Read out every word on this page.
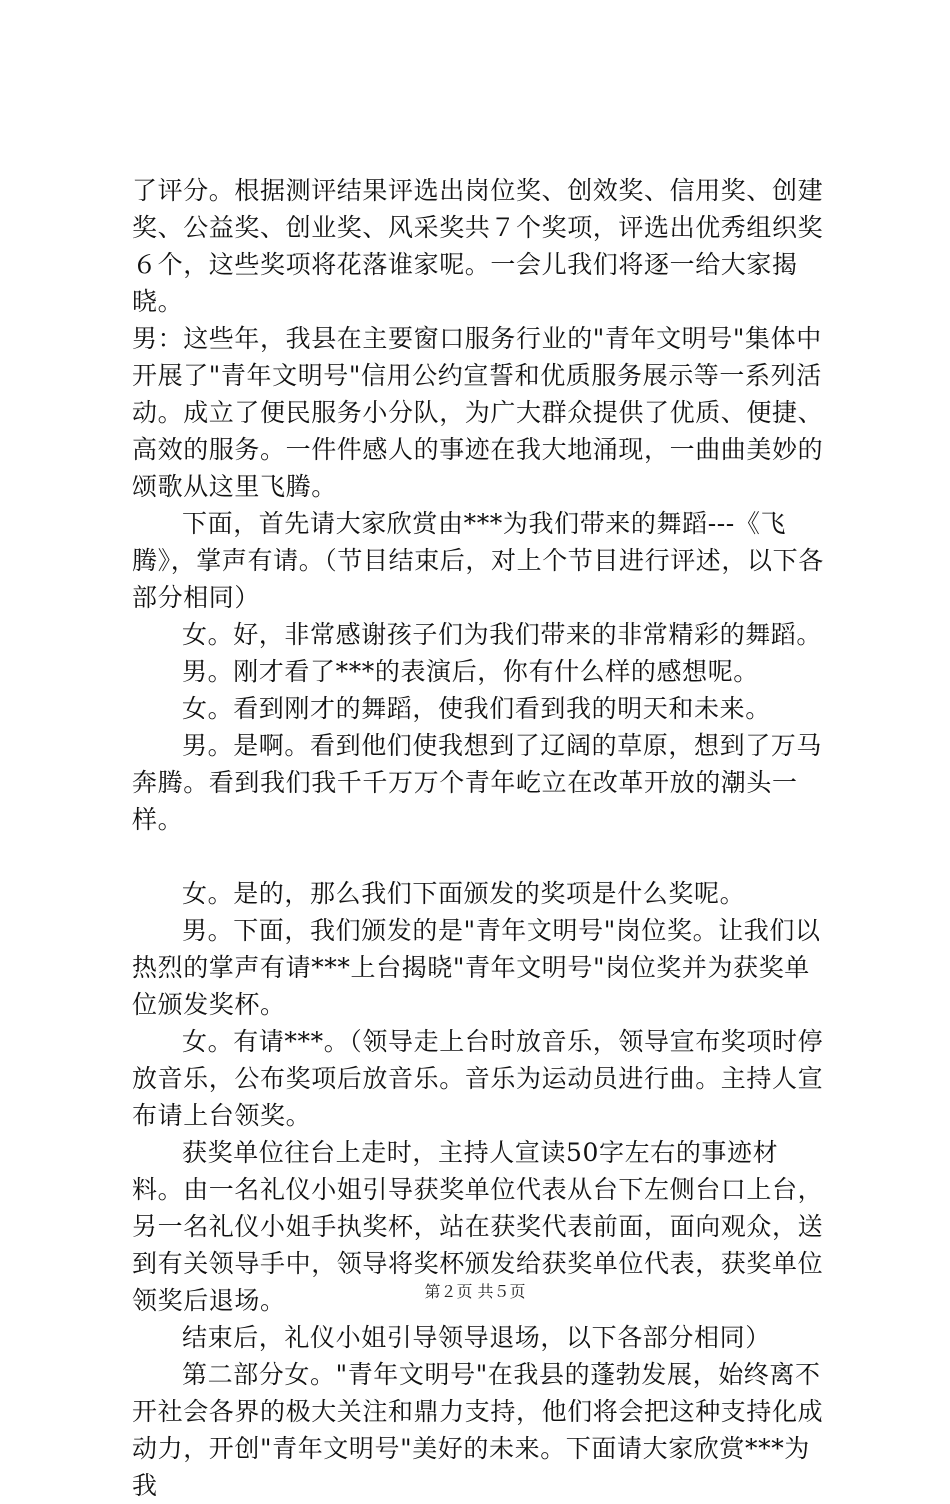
了评分。根据测评结果评选出岗位奖、创效奖、信用奖、创建奖、公益奖、创业奖、风采奖共７个奖项，评选出优秀组织奖６个，这些奖项将花落谁家呢。一会儿我们将逐一给大家揭晓。

男：这些年，我县在主要窗口服务行业的"青年文明号"集体中开展了"青年文明号"信用公约宣誓和优质服务展示等一系列活动。成立了便民服务小分队，为广大群众提供了优质、便捷、高效的服务。一件件感人的事迹在我大地涌现，一曲曲美妙的颂歌从这里飞腾。

下面，首先请大家欣赏由***为我们带来的舞蹈---《飞腾》，掌声有请。（节目结束后，对上个节目进行评述，以下各部分相同）

女。好，非常感谢孩子们为我们带来的非常精彩的舞蹈。

男。刚才看了***的表演后，你有什么样的感想呢。

女。看到刚才的舞蹈，使我们看到我的明天和未来。

男。是啊。看到他们使我想到了辽阔的草原，想到了万马奔腾。看到我们我千千万万个青年屹立在改革开放的潮头一样。

女。是的，那么我们下面颁发的奖项是什么奖呢。

男。下面，我们颁发的是"青年文明号"岗位奖。让我们以热烈的掌声有请***上台揭晓"青年文明号"岗位奖并为获奖单位颁发奖杯。

女。有请***。（领导走上台时放音乐，领导宣布奖项时停放音乐，公布奖项后放音乐。音乐为运动员进行曲。主持人宣布请上台领奖。

获奖单位往台上走时，主持人宣读50字左右的事迹材料。由一名礼仪小姐引导获奖单位代表从台下左侧台口上台，另一名礼仪小姐手执奖杯，站在获奖代表前面，面向观众，送到有关领导手中，领导将奖杯颁发给获奖单位代表，获奖单位领奖后退场。

结束后，礼仪小姐引导领导退场，以下各部分相同）

第二部分女。"青年文明号"在我县的蓬勃发展，始终离不开社会各界的极大关注和鼎力支持，他们将会把这种支持化成动力，开创"青年文明号"美好的未来。下面请大家欣赏***为我

第２页 共５页
